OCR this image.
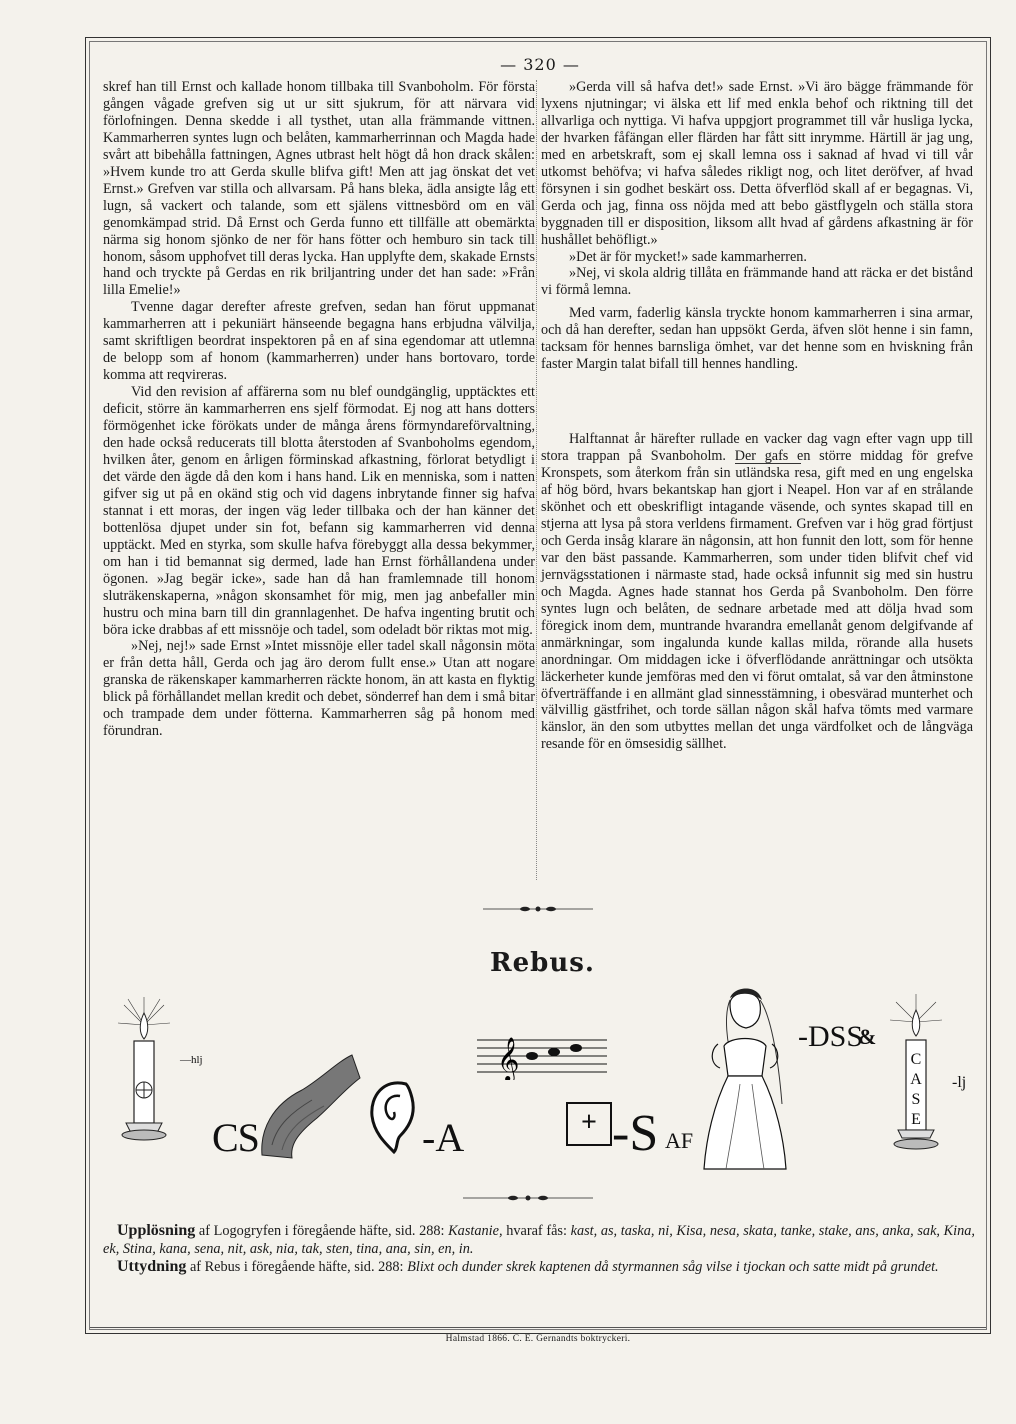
— 320 —

skref han till Ernst och kallade honom tillbaka till Svanboholm. För första gången vågade grefven sig ut ur sitt sjukrum, för att närvara vid förlofningen. Denna skedde i all tysthet, utan alla främmande vittnen. Kammarherren syntes lugn och belåten, kammarherrinnan och Magda hade svårt att bibehålla fattningen, Agnes utbrast helt högt då hon drack skålen: »Hvem kunde tro att Gerda skulle blifva gift! Men att jag önskat det vet Ernst.» Grefven var stilla och allvarsam. På hans bleka, ädla ansigte låg ett lugn, så vackert och talande, som ett själens vittnesbörd om en väl genomkämpad strid. Då Ernst och Gerda funno ett tillfälle att obemärkta närma sig honom sjönko de ner för hans fötter och hemburo sin tack till honom, såsom upphofvet till deras lycka. Han upplyfte dem, skakade Ernsts hand och tryckte på Gerdas en rik briljantring under det han sade: »Från lilla Emelie!»

Tvenne dagar derefter afreste grefven, sedan han förut uppmanat kammarherren att i pekuniärt hänseende begagna hans erbjudna välvilja, samt skriftligen beordrat inspektoren på en af sina egendomar att utlemna de belopp som af honom (kammarherren) under hans bortovaro, torde komma att reqvireras.

Vid den revision af affärerna som nu blef oundgänglig, upptäcktes ett deficit, större än kammarherren ens sjelf förmodat. Ej nog att hans dotters förmögenhet icke förökats under de många årens förmyndareförvaltning, den hade också reducerats till blotta återstoden af Svanboholms egendom, hvilken åter, genom en årligen förminskad afkastning, förlorat betydligt i det värde den ägde då den kom i hans hand. Lik en menniska, som i natten gifver sig ut på en okänd stig och vid dagens inbrytande finner sig hafva stannat i ett moras, der ingen väg leder tillbaka och der han känner det bottenlösa djupet under sin fot, befann sig kammarherren vid denna upptäckt. Med en styrka, som skulle hafva förebyggt alla dessa bekymmer, om han i tid bemannat sig dermed, lade han Ernst förhållandena under ögonen. »Jag begär icke», sade han då han framlemnade till honom sluträkenskaperna, »någon skonsamhet för mig, men jag anbefaller min hustru och mina barn till din grannlagenhet. De hafva ingenting brutit och böra icke drabbas af ett missnöje och tadel, som odeladt bör riktas mot mig.

»Nej, nej!» sade Ernst »Intet missnöje eller tadel skall någonsin möta er från detta håll, Gerda och jag äro derom fullt ense.» Utan att nogare granska de räkenskaper kammarherren räckte honom, än att kasta en flyktig blick på förhållandet mellan kredit och debet, sönderref han dem i små bitar och trampade dem under fötterna. Kammarherren såg på honom med förundran.

»Gerda vill så hafva det!» sade Ernst. »Vi äro bägge främmande för lyxens njutningar; vi älska ett lif med enkla behof och riktning till det allvarliga och nyttiga. Vi hafva uppgjort programmet till vår husliga lycka, der hvarken fåfängan eller flärden har fått sitt inrymme. Härtill är jag ung, med en arbetskraft, som ej skall lemna oss i saknad af hvad vi till vår utkomst behöfva; vi hafva således rikligt nog, och litet deröfver, af hvad försynen i sin godhet beskärt oss. Detta öfverflöd skall af er begagnas. Vi, Gerda och jag, finna oss nöjda med att bebo gästflygeln och ställa stora byggnaden till er disposition, liksom allt hvad af gårdens afkastning är för hushållet behöfligt.»

»Det är för mycket!» sade kammarherren.

»Nej, vi skola aldrig tillåta en främmande hand att räcka er det bistånd vi förmå lemna.

Med varm, faderlig känsla tryckte honom kammarherren i sina armar, och då han derefter, sedan han uppsökt Gerda, äfven slöt henne i sin famn, tacksam för hennes barnsliga ömhet, var det henne som en hviskning från faster Margin talat bifall till hennes handling.

Halftannat år härefter rullade en vacker dag vagn efter vagn upp till stora trappan på Svanboholm. Der gafs en större middag för grefve Kronspets, som återkom från sin utländska resa, gift med en ung engelska af hög börd, hvars bekantskap han gjort i Neapel. Hon var af en strålande skönhet och ett obeskrifligt intagande väsende, och syntes skapad till en stjerna att lysa på stora verldens firmament. Grefven var i hög grad förtjust och Gerda insåg klarare än någonsin, att hon funnit den lott, som för henne var den bäst passande. Kammarherren, som under tiden blifvit chef vid jernvägsstationen i närmaste stad, hade också infunnit sig med sin hustru och Magda. Agnes hade stannat hos Gerda på Svanboholm. Den förre syntes lugn och belåten, de sednare arbetade med att dölja hvad som föregick inom dem, muntrande hvarandra emellanåt genom delgifvande af anmärkningar, som ingalunda kunde kallas milda, rörande alla husets anordningar. Om middagen icke i öfverflödande anrättningar och utsökta läckerheter kunde jemföras med den vi förut omtalat, så var den åtminstone öfverträffande i en allmänt glad sinnesstämning, i obesvärad munterhet och välvillig gästfrihet, och torde sällan någon skål hafva tömts med varmare känslor, än den som utbyttes mellan det unga värdfolket och de långväga resande för en ömsesidig sällhet.

Rebus.
—hlj
CS	-A
𝄞
+ -S AF
-DSS
&
C
A
S
E
-lj

Upplösning af Logogryfen i föregående häfte, sid. 288: Kastanie, hvaraf fås: kast, as, taska, ni, Kisa, nesa, skata, tanke, stake, ans, anka, sak, Kina, ek, Stina, kana, sena, nit, ask, nia, tak, sten, tina, ana, sin, en, in.

Uttydning af Rebus i föregående häfte, sid. 288: Blixt och dunder skrek kaptenen då styrmannen såg vilse i tjockan och satte midt på grundet.

Halmstad 1866. C. E. Gernandts boktryckeri.
